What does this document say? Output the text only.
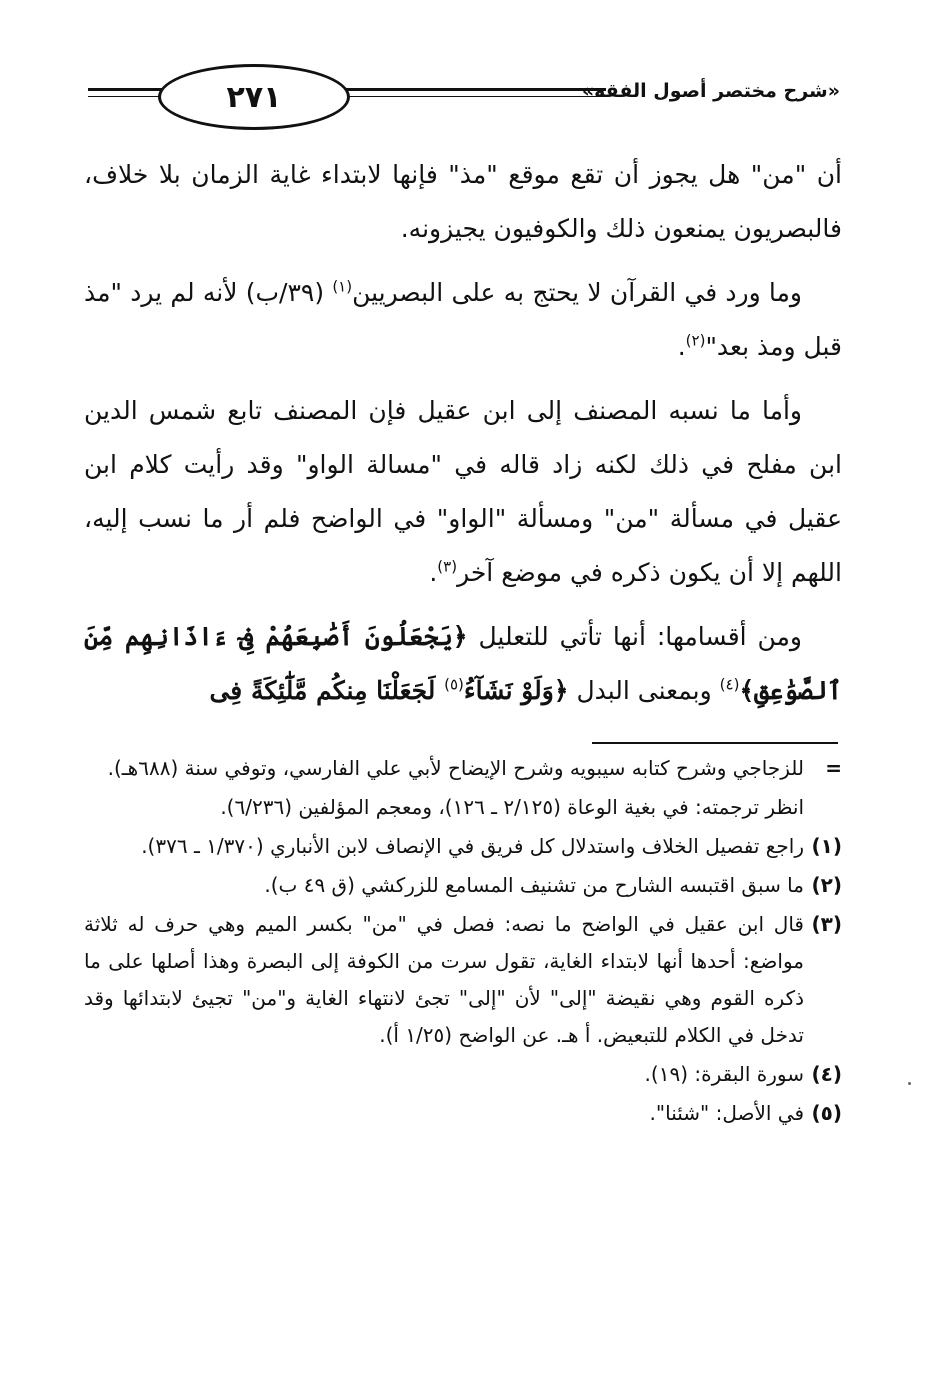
٢٧١	«شرح مختصر أصول الفقه»

أن "من" هل يجوز أن تقع موقع "مذ" فإنها لابتداء غاية الزمان بلا خلاف، فالبصريون يمنعون ذلك والكوفيون يجيزونه.

وما ورد في القرآن لا يحتج به على البصريين$^{(١)}$ (٣٩/ب) لأنه لم يرد "مذ قبل ومذ بعد"$^{(٢)}$.

وأما ما نسبه المصنف إلى ابن عقيل فإن المصنف تابع شمس الدين ابن مفلح في ذلك لكنه زاد قاله في "مسالة الواو" وقد رأيت كلام ابن عقيل في مسألة "من" ومسألة "الواو" في الواضح فلم أر ما نسب إليه، اللهم إلا أن يكون ذكره في موضع آخر$^{(٣)}$.

ومن أقسامها: أنها تأتي للتعليل ﴿يَجْعَلُونَ أَصَٰبِعَهُمْ فِىٓ ءَاذَانِهِم مِّنَ ٱلصَّوَٰعِقِ﴾$^{(٤)}$ وبمعنى البدل ﴿وَلَوْ نَشَآءُ$^{(٥)}$ لَجَعَلْنَا مِنكُم مَّلَٰٓئِكَةً فِى

=
للزجاجي وشرح كتابه سيبويه وشرح الإيضاح لأبي علي الفارسي، وتوفي سنة (٦٨٨هـ).
انظر ترجمته: في بغية الوعاة (٢/١٢٥ ـ ١٢٦)، ومعجم المؤلفين (٦/٢٣٦).
(١)
راجع تفصيل الخلاف واستدلال كل فريق في الإنصاف لابن الأنباري (١/٣٧٠ ـ ٣٧٦).
(٢)
ما سبق اقتبسه الشارح من تشنيف المسامع للزركشي (ق ٤٩ ب).
(٣)
قال ابن عقيل في الواضح ما نصه: فصل في "من" بكسر الميم وهي حرف له ثلاثة مواضع: أحدها أنها لابتداء الغاية، تقول سرت من الكوفة إلى البصرة وهذا أصلها على ما ذكره القوم وهي نقيضة "إلى" لأن "إلى" تجئ لانتهاء الغاية و"من" تجيئ لابتدائها وقد تدخل في الكلام للتبعيض. أ هـ. عن الواضح (١/٢٥ أ).
(٤)
سورة البقرة: (١٩).
(٥)
في الأصل: "شئنا".
